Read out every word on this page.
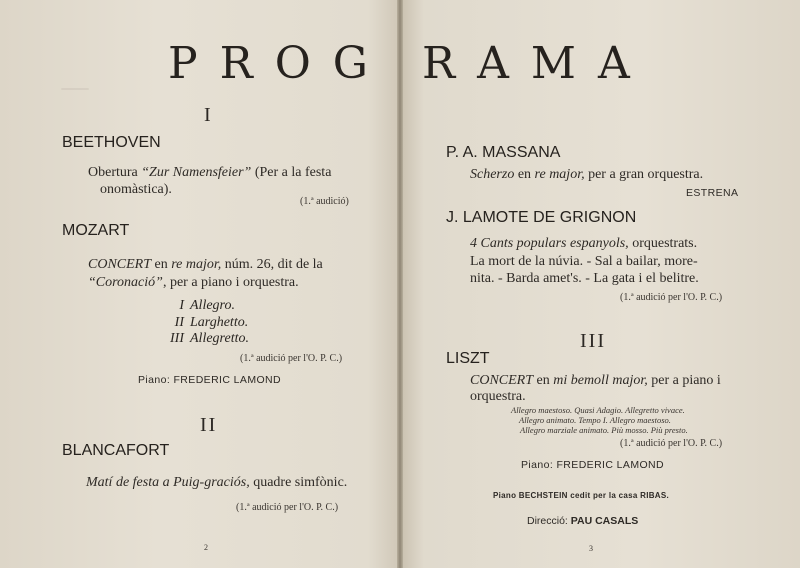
— PROG RAMA
I
BEETHOVEN
Obertura “Zur Namensfeier” (Per a la festa
onomàstica).
(1.ª audició)
MOZART
CONCERT en re major, núm. 26, dit de la
“Coronació”, per a piano i orquestra.
I Allegro.
II Larghetto.
III Allegretto.
(1.ª audició per l'O. P. C.)
Piano: FREDERIC LAMOND
II
BLANCAFORT
Matí de festa a Puig-graciós, quadre simfònic.
(1.ª audició per l'O. P. C.)
2
P. A. MASSANA
Scherzo en re major, per a gran orquestra.
ESTRENA
J. LAMOTE DE GRIGNON
4 Cants populars espanyols, orquestrats.
La mort de la núvia. - Sal a bailar, more-
nita. - Barda amet's. - La gata i el belitre.
(1.ª audició per l'O. P. C.)
III
LISZT
CONCERT en mi bemoll major, per a piano i
orquestra.
Allegro maestoso. Quasi Adagio. Allegretto vivace.
Allegro animato. Tempo I. Allegro maestoso.
Allegro marziale animato. Più mosso. Più presto.
(1.ª audició per l'O. P. C.)
Piano: FREDERIC LAMOND
Piano BECHSTEIN cedit per la casa RIBAS.
Direcció: PAU CASALS
3
